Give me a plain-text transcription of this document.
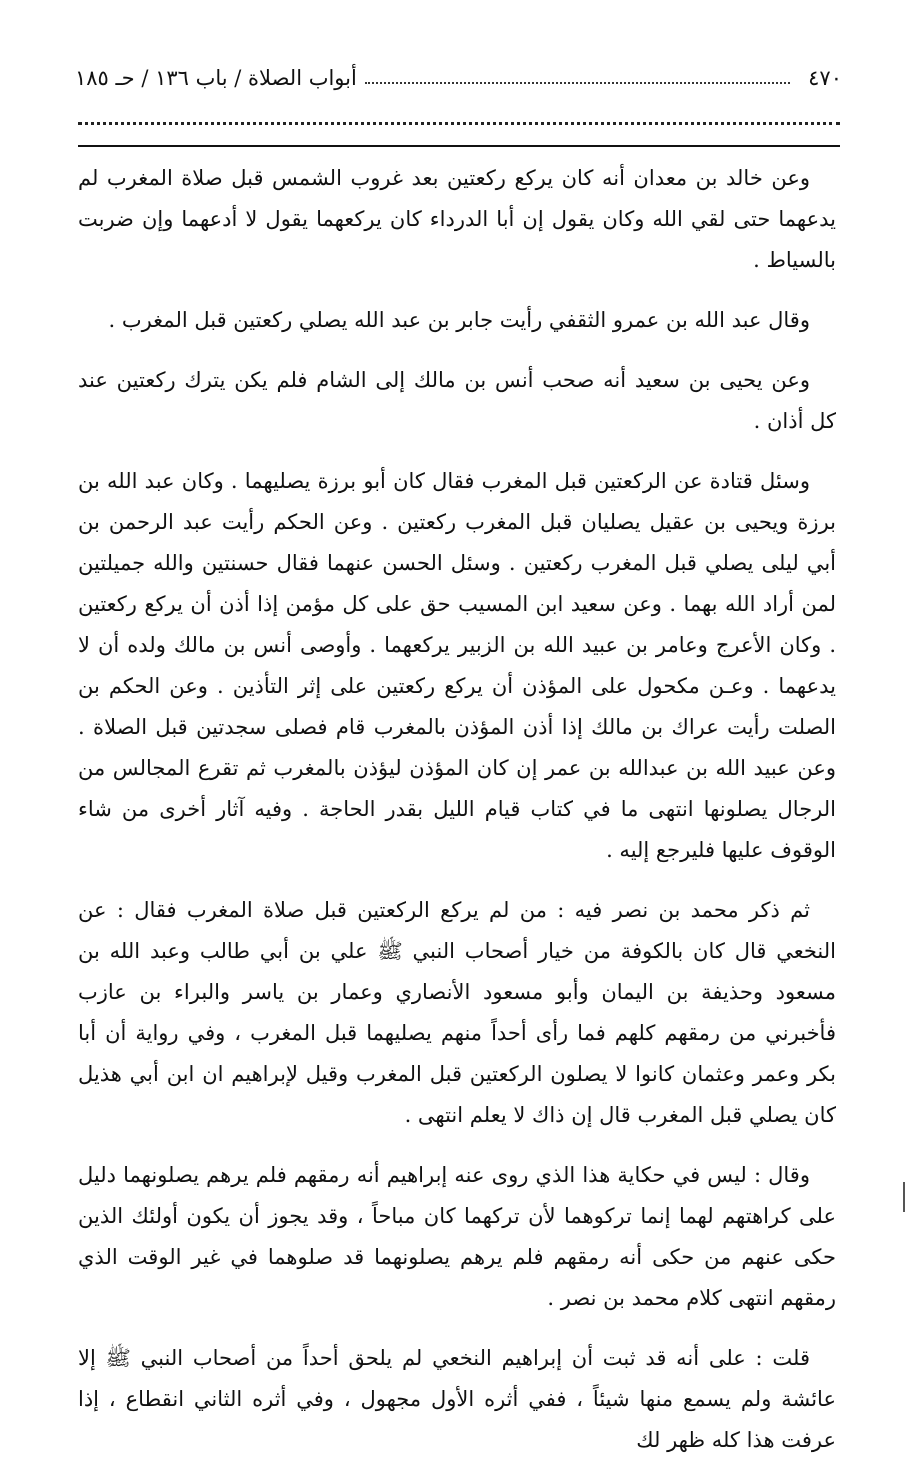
٤٧٠
أبواب الصلاة / باب ١٣٦ / حـ ١٨٥

وعن خالد بن معدان أنه كان يركع ركعتين بعد غروب الشمس قبل صلاة المغرب لم يدعهما حتى لقي الله وكان يقول إن أبا الدرداء كان يركعهما يقول لا أدعهما وإن ضربت بالسياط .

وقال عبد الله بن عمرو الثقفي رأيت جابر بن عبد الله يصلي ركعتين قبل المغرب .

وعن يحيى بن سعيد أنه صحب أنس بن مالك إلى الشام فلم يكن يترك ركعتين عند كل أذان .

وسئل قتادة عن الركعتين قبل المغرب فقال كان أبو برزة يصليهما . وكان عبد الله بن برزة ويحيى بن عقيل يصليان قبل المغرب ركعتين . وعن الحكم رأيت عبد الرحمن بن أبي ليلى يصلي قبل المغرب ركعتين . وسئل الحسن عنهما فقال حسنتين والله جميلتين لمن أراد الله بهما . وعن سعيد ابن المسيب حق على كل مؤمن إذا أذن أن يركع ركعتين . وكان الأعرج وعامر بن عبيد الله بن الزبير يركعهما . وأوصى أنس بن مالك ولده أن لا يدعهما . وعـن مكحول على المؤذن أن يركع ركعتين على إثر التأذين . وعن الحكم بن الصلت رأيت عراك بن مالك إذا أذن المؤذن بالمغرب قام فصلى سجدتين قبل الصلاة . وعن عبيد الله بن عبدالله بن عمر إن كان المؤذن ليؤذن بالمغرب ثم تقرع المجالس من الرجال يصلونها انتهى ما في كتاب قيام الليل بقدر الحاجة . وفيه آثار أخرى من شاء الوقوف عليها فليرجع إليه .

ثم ذكر محمد بن نصر فيه : من لم يركع الركعتين قبل صلاة المغرب فقال : عن النخعي قال كان بالكوفة من خيار أصحاب النبي ﷺ علي بن أبي طالب وعبد الله بن مسعود وحذيفة بن اليمان وأبو مسعود الأنصاري وعمار بن ياسر والبراء بن عازب فأخبرني من رمقهم كلهم فما رأى أحداً منهم يصليهما قبل المغرب ، وفي رواية أن أبا بكر وعمر وعثمان كانوا لا يصلون الركعتين قبل المغرب وقيل لإبراهيم ان ابن أبي هذيل كان يصلي قبل المغرب قال إن ذاك لا يعلم انتهى .

وقال : ليس في حكاية هذا الذي روى عنه إبراهيم أنه رمقهم فلم يرهم يصلونهما دليل على كراهتهم لهما إنما تركوهما لأن تركهما كان مباحاً ، وقد يجوز أن يكون أولئك الذين حكى عنهم من حكى أنه رمقهم فلم يرهم يصلونهما قد صلوهما في غير الوقت الذي رمقهم انتهى كلام محمد بن نصر .

قلت : على أنه قد ثبت أن إبراهيم النخعي لم يلحق أحداً من أصحاب النبي ﷺ إلا عائشة ولم يسمع منها شيئاً ، ففي أثره الأول مجهول ، وفي أثره الثاني انقطاع ، إذا عرفت هذا كله ظهر لك
